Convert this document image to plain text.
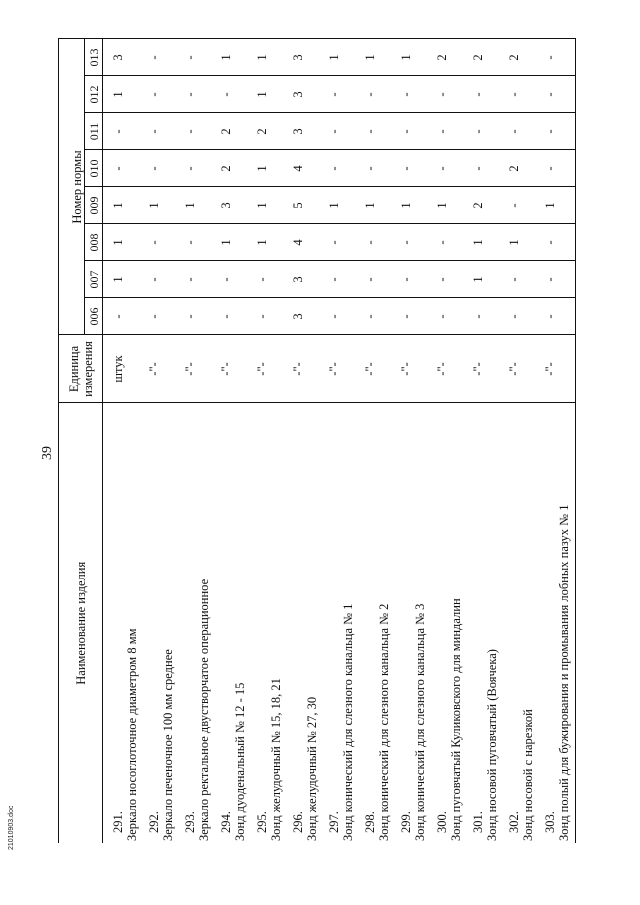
39
Наименование изделия	Единица измерения	Номер нормы							
		006	007	008	009	010	011	012	013
291.Зеркало носоглоточное диаметром 8 мм	штук	-	1	1	1	-	-	1	3
292.Зеркало печеночное 100 мм среднее	-"-	-	-	-	1	-	-	-	-
293.Зеркало ректальное двустворчатое операционное	-"-	-	-	-	1	-	-	-	-
294.Зонд дуоденальный № 12 - 15	-"-	-	-	1	3	2	2	-	1
295.Зонд желудочный № 15, 18, 21	-"-	-	-	1	1	1	2	1	1
296.Зонд желудочный № 27, 30	-"-	3	3	4	5	4	3	3	3
297.Зонд конический для слезного канальца № 1	-"-	-	-	-	1	-	-	-	1
298.Зонд конический для слезного канальца № 2	-"-	-	-	-	1	-	-	-	1
299.Зонд конический для слезного канальца № 3	-"-	-	-	-	1	-	-	-	1
300.Зонд пуговчатый Куликовского для миндалин	-"-	-	-	-	1	-	-	-	2
301.Зонд носовой пуговчатый (Воячека)	-"-	-	1	1	2	-	-	-	2
302.Зонд носовой с нарезкой	-"-	-	-	1	-	2	-	-	2
303.Зонд полый для бужирования и промывания лобных пазух № 1	-"-	-	-	-	1	-	-	-	-
21010903.doc
